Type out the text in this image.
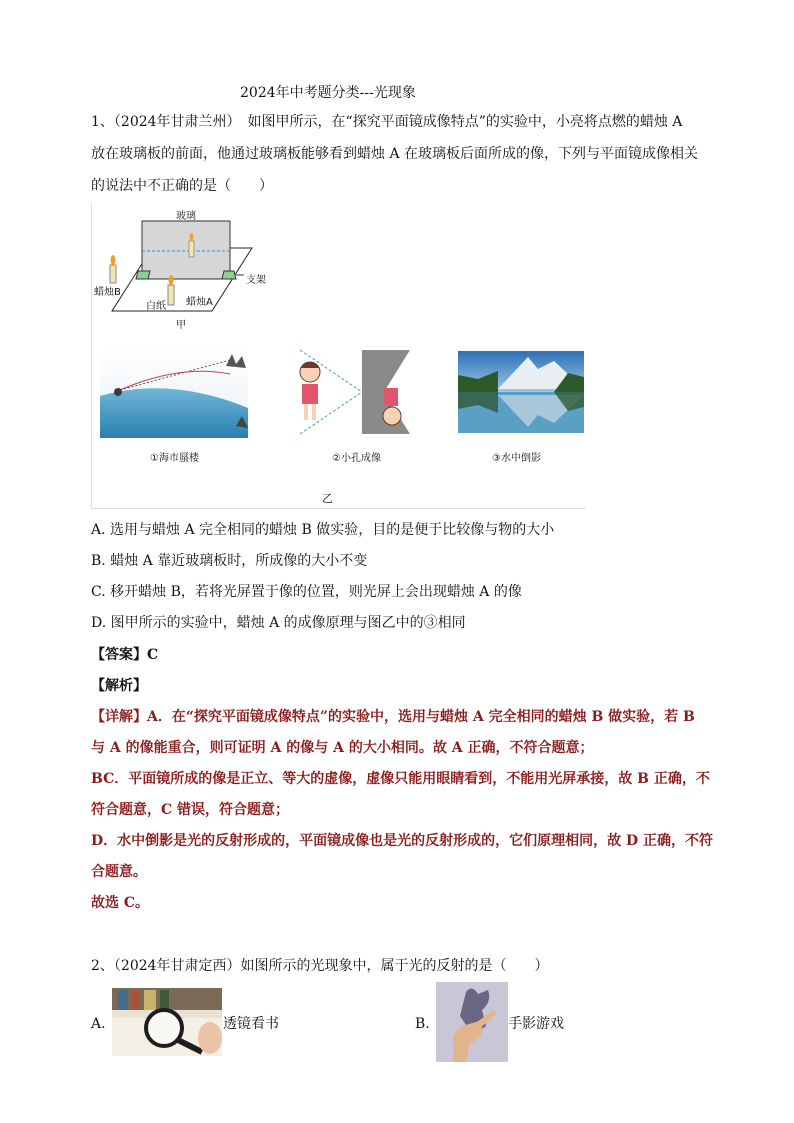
2024年中考题分类---光现象
1、（2024年甘肃兰州）　如图甲所示，在“探究平面镜成像特点”的实验中，小亮将点燃的蜡烛 A
放在玻璃板的前面，他通过玻璃板能够看到蜡烛 A 在玻璃板后面所成的像，下列与平面镜成像相关
的说法中不正确的是（　　）
玻璃
蜡烛B
蜡烛A
白纸
支架
甲
①海市蜃楼	②小孔成像	③水中倒影
乙
A. 选用与蜡烛 A 完全相同的蜡烛 B 做实验，目的是便于比较像与物的大小
B. 蜡烛 A 靠近玻璃板时，所成像的大小不变
C. 移开蜡烛 B，若将光屏置于像的位置，则光屏上会出现蜡烛 A 的像
D. 图甲所示的实验中，蜡烛 A 的成像原理与图乙中的③相同
【答案】C
【解析】
【详解】A．在“探究平面镜成像特点”的实验中，选用与蜡烛 A 完全相同的蜡烛 B 做实验，若 B
与 A 的像能重合，则可证明 A 的像与 A 的大小相同。故 A 正确，不符合题意；
BC．平面镜所成的像是正立、等大的虚像，虚像只能用眼睛看到，不能用光屏承接，故 B 正确，不
符合题意，C 错误，符合题意；
D．水中倒影是光的反射形成的，平面镜成像也是光的反射形成的，它们原理相同，故 D 正确，不符
合题意。
故选 C。
2、（2024年甘肃定西）如图所示的光现象中，属于光的反射的是（　　）
A.	透镜看书	B.	手影游戏
